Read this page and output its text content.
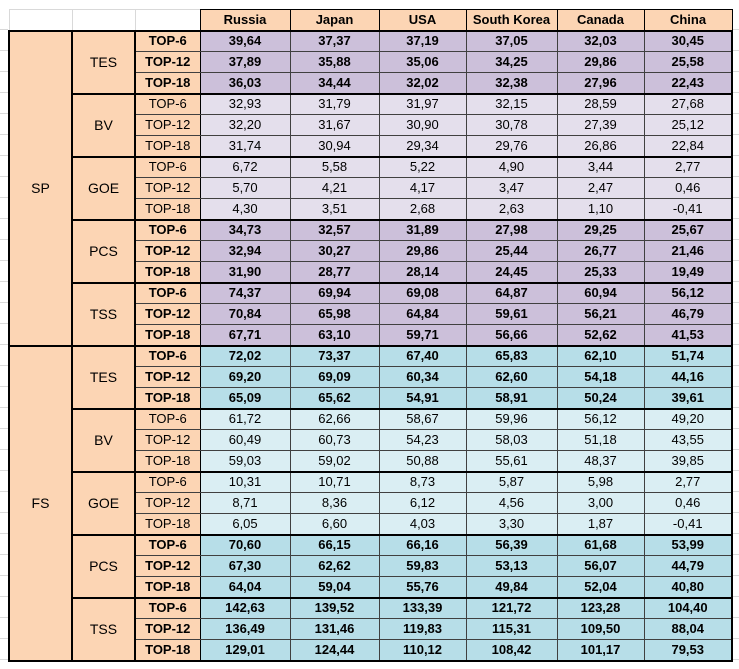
			Russia	Japan	USA	South Korea	Canada	China
SP	TES	TOP-6	39,64	37,37	37,19	37,05	32,03	30,45
		TOP-12	37,89	35,88	35,06	34,25	29,86	25,58
		TOP-18	36,03	34,44	32,02	32,38	27,96	22,43
	BV	TOP-6	32,93	31,79	31,97	32,15	28,59	27,68
		TOP-12	32,20	31,67	30,90	30,78	27,39	25,12
		TOP-18	31,74	30,94	29,34	29,76	26,86	22,84
	GOE	TOP-6	6,72	5,58	5,22	4,90	3,44	2,77
		TOP-12	5,70	4,21	4,17	3,47	2,47	0,46
		TOP-18	4,30	3,51	2,68	2,63	1,10	-0,41
	PCS	TOP-6	34,73	32,57	31,89	27,98	29,25	25,67
		TOP-12	32,94	30,27	29,86	25,44	26,77	21,46
		TOP-18	31,90	28,77	28,14	24,45	25,33	19,49
	TSS	TOP-6	74,37	69,94	69,08	64,87	60,94	56,12
		TOP-12	70,84	65,98	64,84	59,61	56,21	46,79
		TOP-18	67,71	63,10	59,71	56,66	52,62	41,53
FS	TES	TOP-6	72,02	73,37	67,40	65,83	62,10	51,74
		TOP-12	69,20	69,09	60,34	62,60	54,18	44,16
		TOP-18	65,09	65,62	54,91	58,91	50,24	39,61
	BV	TOP-6	61,72	62,66	58,67	59,96	56,12	49,20
		TOP-12	60,49	60,73	54,23	58,03	51,18	43,55
		TOP-18	59,03	59,02	50,88	55,61	48,37	39,85
	GOE	TOP-6	10,31	10,71	8,73	5,87	5,98	2,77
		TOP-12	8,71	8,36	6,12	4,56	3,00	0,46
		TOP-18	6,05	6,60	4,03	3,30	1,87	-0,41
	PCS	TOP-6	70,60	66,15	66,16	56,39	61,68	53,99
		TOP-12	67,30	62,62	59,83	53,13	56,07	44,79
		TOP-18	64,04	59,04	55,76	49,84	52,04	40,80
	TSS	TOP-6	142,63	139,52	133,39	121,72	123,28	104,40
		TOP-12	136,49	131,46	119,83	115,31	109,50	88,04
		TOP-18	129,01	124,44	110,12	108,42	101,17	79,53
